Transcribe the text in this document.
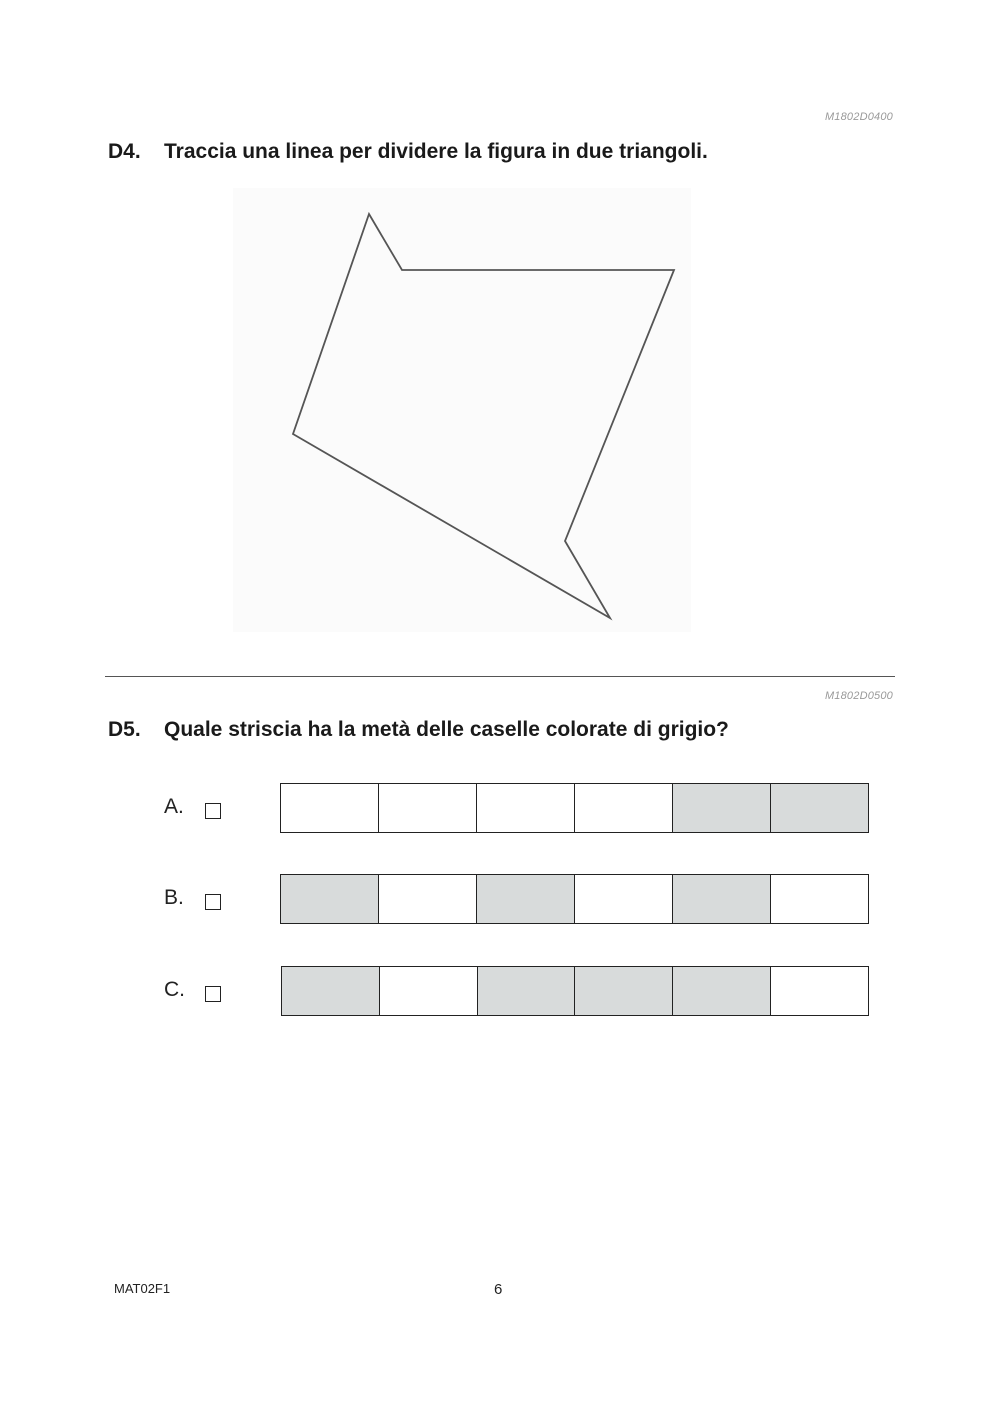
M1802D0400
D4. Traccia una linea per dividere la figura in due triangoli.
M1802D0500
D5. Quale striscia ha la metà delle caselle colorate di grigio?
A.
B.
C.
MAT02F1	6
